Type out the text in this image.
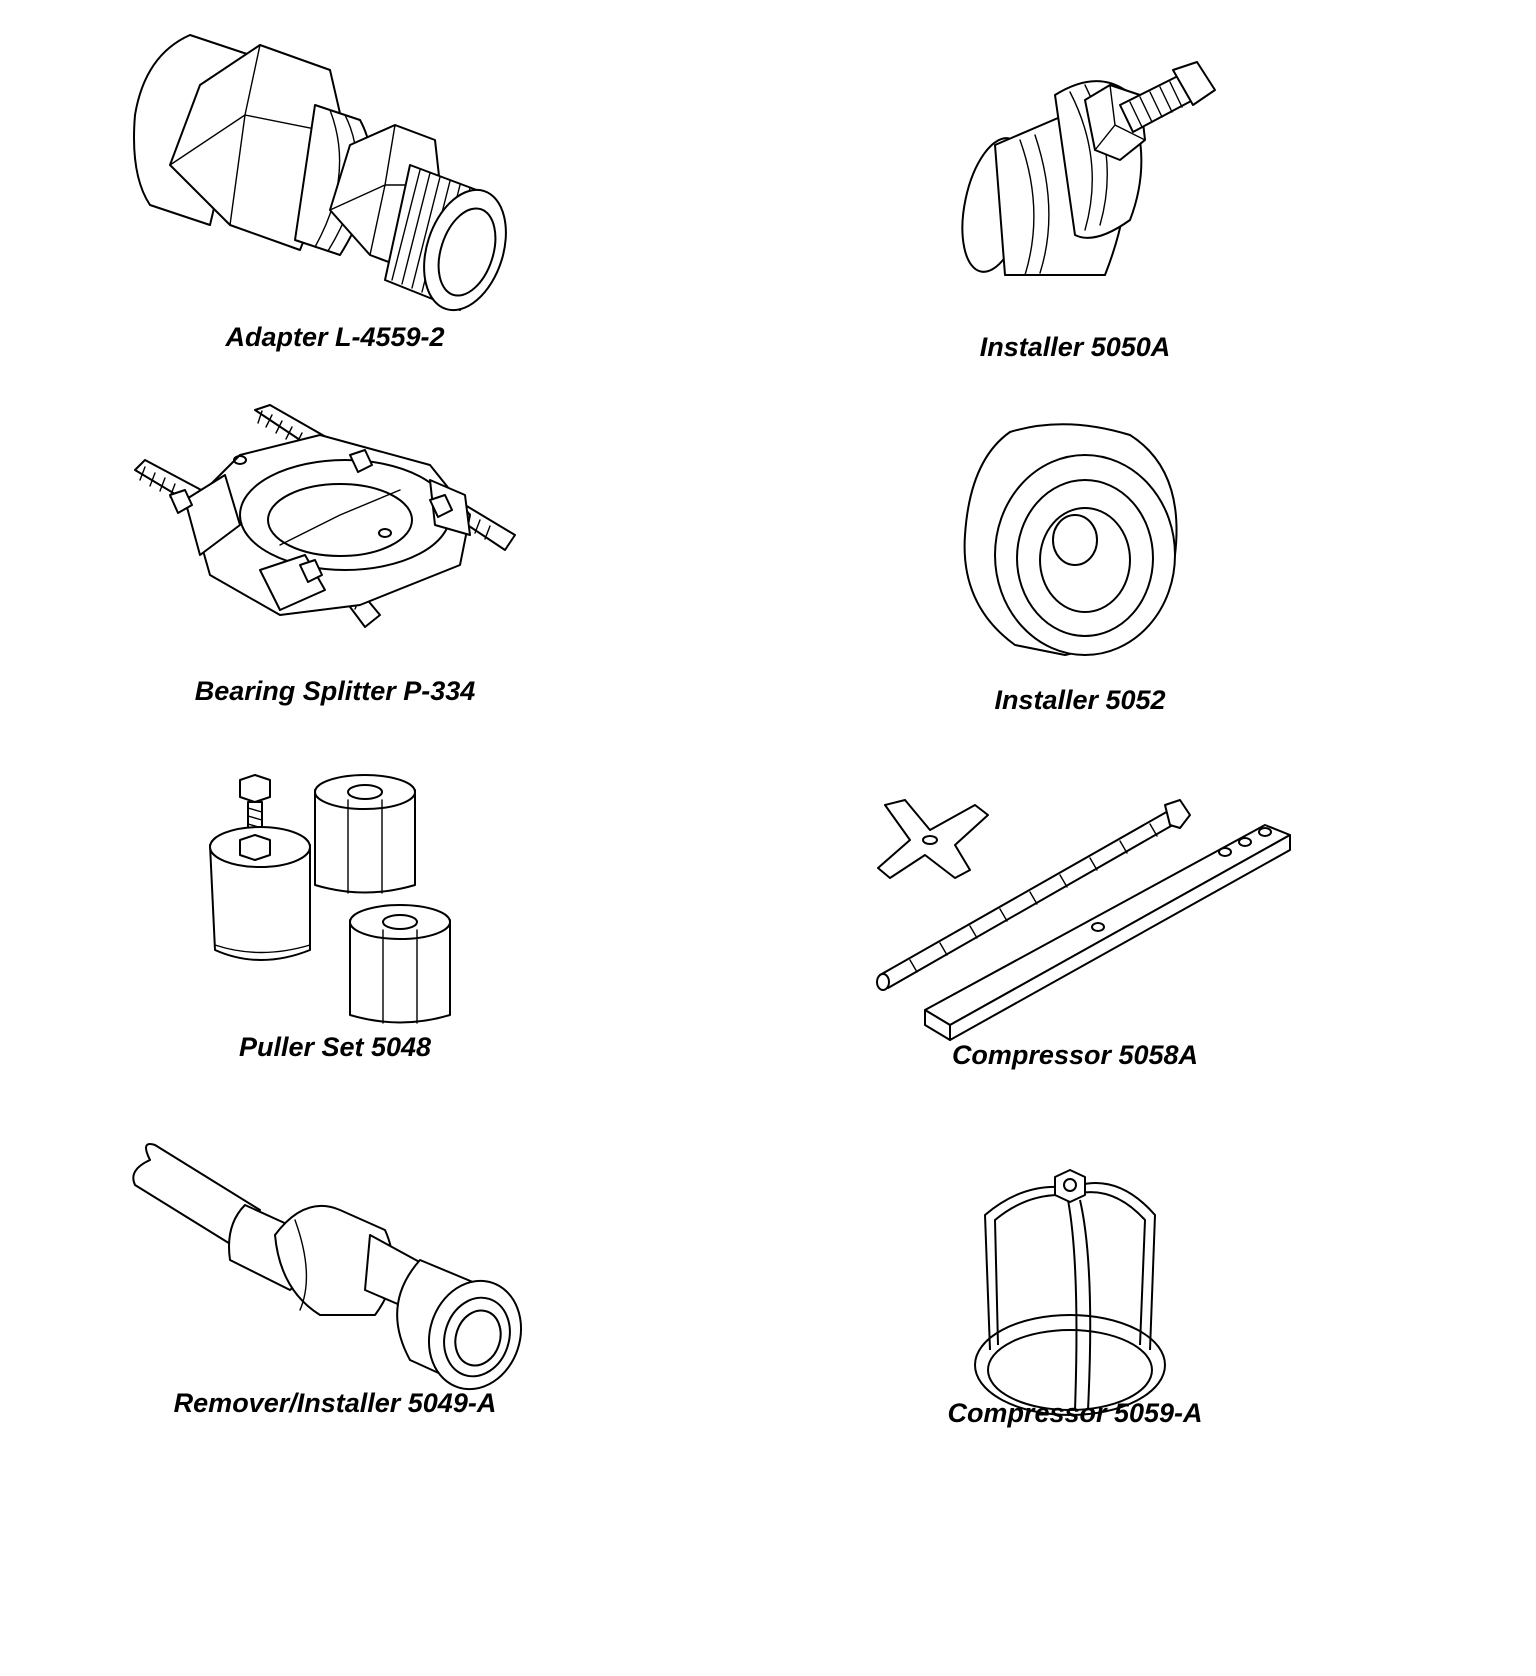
Adapter L-4559-2	Installer 5050A
Bearing Splitter P-334	Installer 5052
Puller Set 5048	Compressor 5058A
Remover/Installer 5049-A	Compressor 5059-A
